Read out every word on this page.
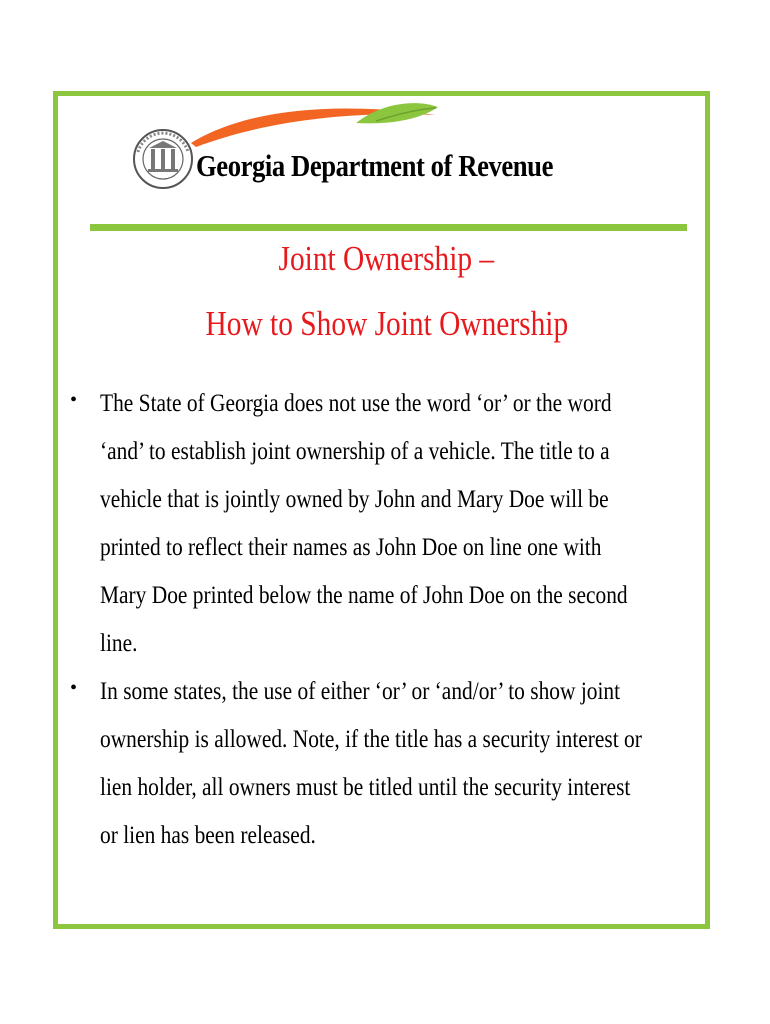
Georgia Department of Revenue
Joint Ownership –
How to Show Joint Ownership
• The State of Georgia does not use the word ‘or’ or the word
‘and’ to establish joint ownership of a vehicle. The title to a
vehicle that is jointly owned by John and Mary Doe will be
printed to reflect their names as John Doe on line one with
Mary Doe printed below the name of John Doe on the second
line.
• In some states, the use of either ‘or’ or ‘and/or’ to show joint
ownership is allowed. Note, if the title has a security interest or
lien holder, all owners must be titled until the security interest
or lien has been released.
